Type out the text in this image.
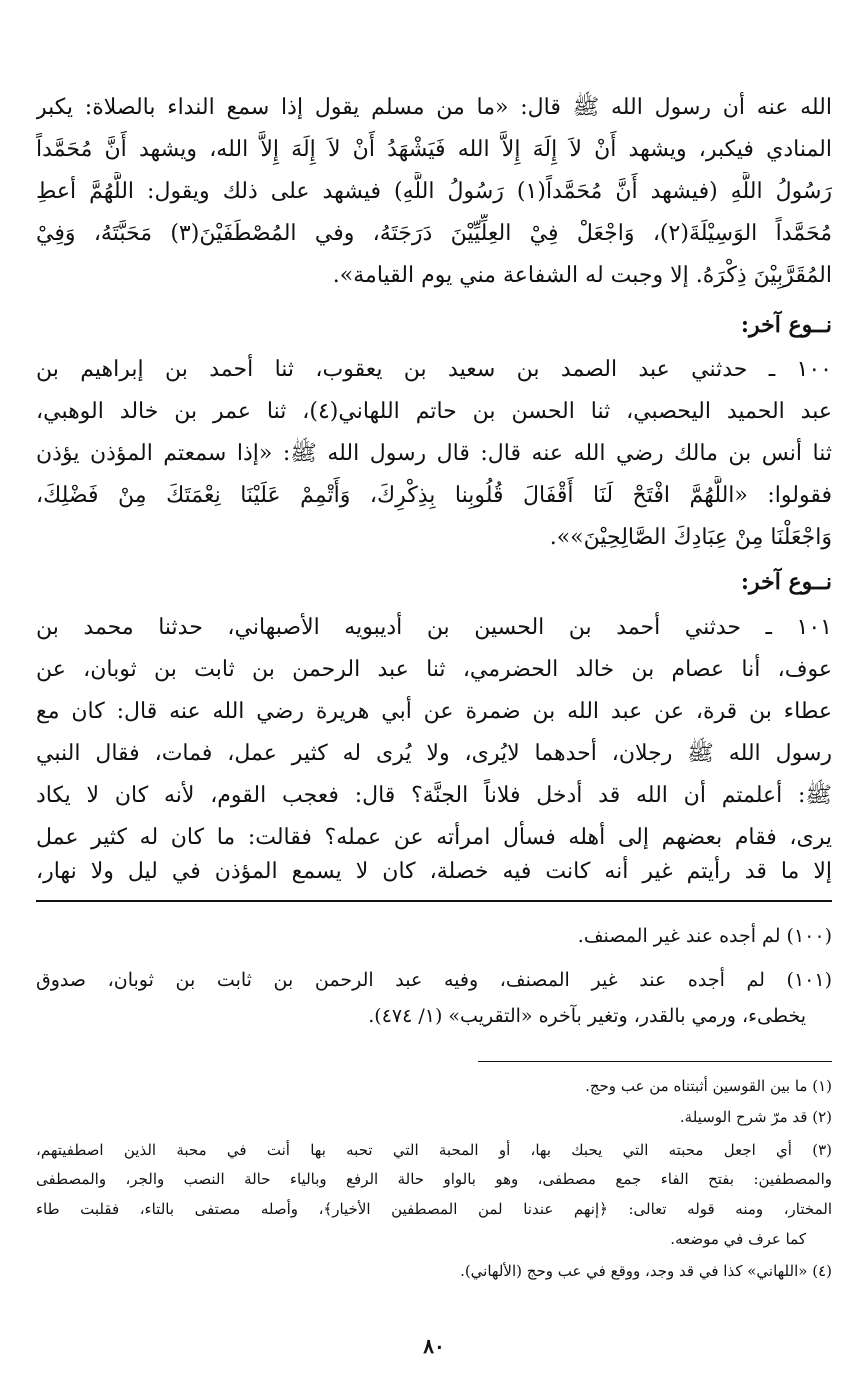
الله عنه أن رسول الله ﷺ قال: «ما من مسلم يقول إذا سمع النداء بالصلاة: يكبر
المنادي فيكبر، ويشهد أَنْ لاَ إِلَهَ إِلاَّ الله فَيَشْهَدُ أَنْ لاَ إِلَهَ إِلاَّ الله، ويشهد أَنَّ مُحَمَّداً
رَسُولُ اللَّهِ (فيشهد أَنَّ مُحَمَّداً(١) رَسُولُ اللَّهِ) فيشهد على ذلك ويقول: اللَّهُمَّ أعطِ
مُحَمَّداً الوَسِيْلَةَ(٢)، وَاجْعَلْ فِيْ العِلِّيِّيْنَ دَرَجَتَهُ، وفي المُصْطَفَيْنَ(٣) مَحَبَّتَهُ، وَفِيْ
المُقَرَّبِيْنَ ذِكْرَهُ. إلا وجبت له الشفاعة مني يوم القيامة».
نــوع آخر:
١٠٠ ـ حدثني عبد الصمد بن سعيد بن يعقوب، ثنا أحمد بن إبراهيم بن
عبد الحميد اليحصبي، ثنا الحسن بن حاتم اللهاني(٤)، ثنا عمر بن خالد الوهبي،
ثنا أنس بن مالك رضي الله عنه قال: قال رسول الله ﷺ: «إذا سمعتم المؤذن يؤذن
فقولوا: «اللَّهُمَّ افْتَحْ لَنَا أَقْفَالَ قُلُوبِنا بِذِكْرِكَ، وَأَتْمِمْ عَلَيْنَا نِعْمَتَكَ مِنْ فَضْلِكَ،
وَاجْعَلْنَا مِنْ عِبَادِكَ الصَّالِحِيْنَ»».
نــوع آخر:
١٠١ ـ حدثني أحمد بن الحسين بن أديبويه الأصبهاني، حدثنا محمد بن
عوف، أنا عصام بن خالد الحضرمي، ثنا عبد الرحمن بن ثابت بن ثوبان، عن
عطاء بن قرة، عن عبد الله بن ضمرة عن أبي هريرة رضي الله عنه قال: كان مع
رسول الله ﷺ رجلان، أحدهما لايُرى، ولا يُرى له كثير عمل، فمات، فقال النبي
ﷺ: أعلمتم أن الله قد أدخل فلاناً الجنَّة؟ قال: فعجب القوم، لأنه كان لا يكاد
يرى، فقام بعضهم إلى أهله فسأل امرأته عن عمله؟ فقالت: ما كان له كثير عمل
إلا ما قد رأيتم غير أنه كانت فيه خصلة، كان لا يسمع المؤذن في ليل ولا نهار،
(١٠٠) لم أجده عند غير المصنف.
(١٠١) لم أجده عند غير المصنف، وفيه عبد الرحمن بن ثابت بن ثوبان، صدوق
يخطىء، ورمي بالقدر، وتغير بآخره «التقريب» (١/ ٤٧٤).
(١) ما بين القوسين أثبتناه من عب وحج.
(٢) قد مرّ شرح الوسيلة.
(٣) أي اجعل محبته التي يحبك بها، أو المحبة التي تحبه بها أنت في محبة الذين اصطفيتهم،
والمصطفين: بفتح الفاء جمع مصطفى، وهو بالواو حالة الرفع وبالياء حالة النصب والجر، والمصطفى
المختار، ومنه قوله تعالى: ﴿إنهم عندنا لمن المصطفين الأخيار﴾، وأصله مصتفى بالتاء، فقلبت طاء
كما عرف في موضعه.
(٤) «اللهاني» كذا في قد وجد، ووقع في عب وحج (الألهاني).
٨٠
